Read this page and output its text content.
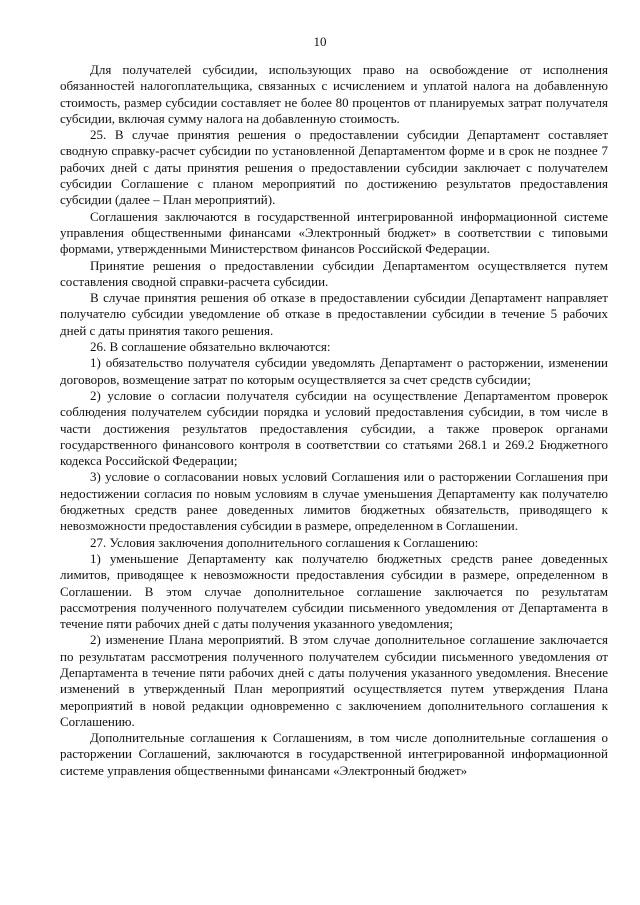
10

Для получателей субсидии, использующих право на освобождение от исполнения обязанностей налогоплательщика, связанных с исчислением и уплатой налога на добавленную стоимость, размер субсидии составляет не более 80 процентов от планируемых затрат получателя субсидии, включая сумму налога на добавленную стоимость.

25. В случае принятия решения о предоставлении субсидии Департамент составляет сводную справку-расчет субсидии по установленной Департаментом форме и в срок не позднее 7 рабочих дней с даты принятия решения о предоставлении субсидии заключает с получателем субсидии Соглашение с планом мероприятий по достижению результатов предоставления субсидии (далее – План мероприятий).

Соглашения заключаются в государственной интегрированной информационной системе управления общественными финансами «Электронный бюджет» в соответствии с типовыми формами, утвержденными Министерством финансов Российской Федерации.

Принятие решения о предоставлении субсидии Департаментом осуществляется путем составления сводной справки-расчета субсидии.

В случае принятия решения об отказе в предоставлении субсидии Департамент направляет получателю субсидии уведомление об отказе в предоставлении субсидии в течение 5 рабочих дней с даты принятия такого решения.

26. В соглашение обязательно включаются:

1) обязательство получателя субсидии уведомлять Департамент о расторжении, изменении договоров, возмещение затрат по которым осуществляется за счет средств субсидии;

2) условие о согласии получателя субсидии на осуществление Департаментом проверок соблюдения получателем субсидии порядка и условий предоставления субсидии, в том числе в части достижения результатов предоставления субсидии, а также проверок органами государственного финансового контроля в соответствии со статьями 268.1 и 269.2 Бюджетного кодекса Российской Федерации;

3) условие о согласовании новых условий Соглашения или о расторжении Соглашения при недостижении согласия по новым условиям в случае уменьшения Департаменту как получателю бюджетных средств ранее доведенных лимитов бюджетных обязательств, приводящего к невозможности предоставления субсидии в размере, определенном в Соглашении.

27. Условия заключения дополнительного соглашения к Соглашению:

1) уменьшение Департаменту как получателю бюджетных средств ранее доведенных лимитов, приводящее к невозможности предоставления субсидии в размере, определенном в Соглашении. В этом случае дополнительное соглашение заключается по результатам рассмотрения полученного получателем субсидии письменного уведомления от Департамента в течение пяти рабочих дней с даты получения указанного уведомления;

2) изменение Плана мероприятий. В этом случае дополнительное соглашение заключается по результатам рассмотрения полученного получателем субсидии письменного уведомления от Департамента в течение пяти рабочих дней с даты получения указанного уведомления. Внесение изменений в утвержденный План мероприятий осуществляется путем утверждения Плана мероприятий в новой редакции одновременно с заключением дополнительного соглашения к Соглашению.

Дополнительные соглашения к Соглашениям, в том числе дополнительные соглашения о расторжении Соглашений, заключаются в государственной интегрированной информационной системе управления общественными финансами «Электронный бюджет»
